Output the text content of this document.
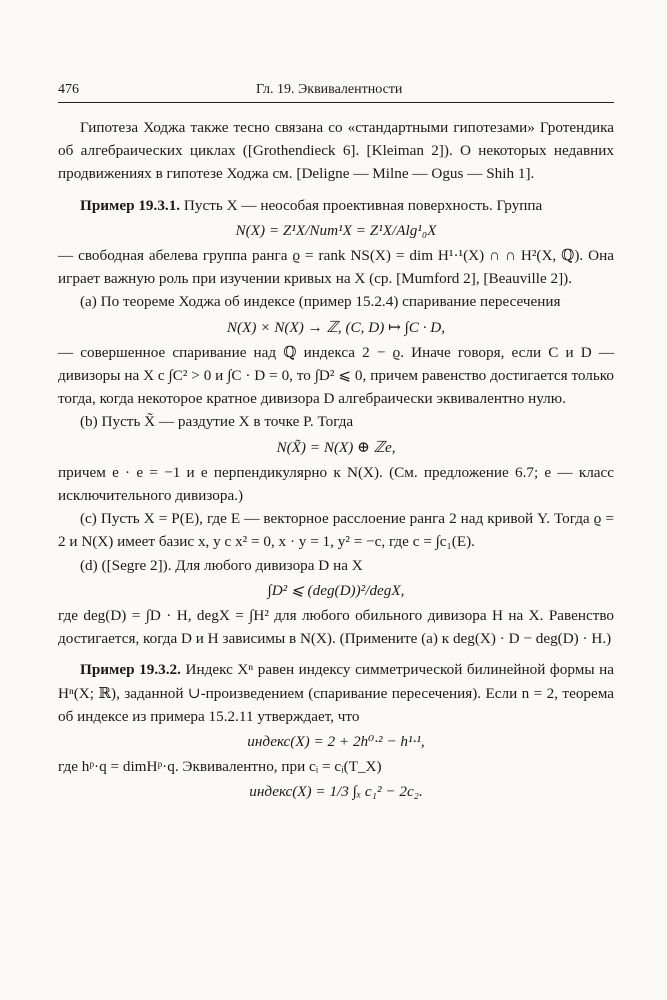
476	Гл. 19. Эквивалентности

Гипотеза Ходжа также тесно связана со «стандартными гипотезами» Гротендика об алгебраических циклах ([Grothendieck 6]. [Kleiman 2]). О некоторых недавних продвижениях в гипотезе Ходжа см. [Deligne — Milne — Ogus — Shih 1].

Пример 19.3.1. Пусть X — неособая проективная поверхность. Группа

N(X) = Z¹X/Num¹X = Z¹X/Alg¹₀X

— свободная абелева группа ранга ϱ = rank NS(X) = dim H¹·¹(X) ∩ ∩ H²(X, ℚ). Она играет важную роль при изучении кривых на X (ср. [Mumford 2], [Beauville 2]).

(а) По теореме Ходжа об индексе (пример 15.2.4) спаривание пересечения

N(X) × N(X) → ℤ, (C, D) ↦ ∫C · D,

— совершенное спаривание над ℚ индекса 2 − ϱ. Иначе говоря, если C и D — дивизоры на X с ∫C² > 0 и ∫C · D = 0, то ∫D² ⩽ 0, причем равенство достигается только тогда, когда некоторое кратное дивизора D алгебраически эквивалентно нулю.

(b) Пусть X̃ — раздутие X в точке P. Тогда

N(X̃) = N(X) ⊕ ℤe,

причем e · e = −1 и e перпендикулярно к N(X). (См. предложение 6.7; e — класс исключительного дивизора.)

(c) Пусть X = P(E), где E — векторное расслоение ранга 2 над кривой Y. Тогда ϱ = 2 и N(X) имеет базис x, y с x² = 0, x · y = 1, y² = −c, где c = ∫c₁(E).

(d) ([Segre 2]). Для любого дивизора D на X

∫D² ⩽ (deg(D))²/degX,

где deg(D) = ∫D · H, degX = ∫H² для любого обильного дивизора H на X. Равенство достигается, когда D и H зависимы в N(X). (Примените (a) к deg(X) · D − deg(D) · H.)

Пример 19.3.2. Индекс Xⁿ равен индексу симметрической билинейной формы на Hⁿ(X; ℝ), заданной ∪-произведением (спаривание пересечения). Если n = 2, теорема об индексе из примера 15.2.11 утверждает, что

индекс(X) = 2 + 2h⁰·² − h¹·¹,

где hᵖ·q = dimHᵖ·q. Эквивалентно, при cᵢ = cᵢ(T_X)

индекс(X) = 1/3 ∫ₓ c₁² − 2c₂.
